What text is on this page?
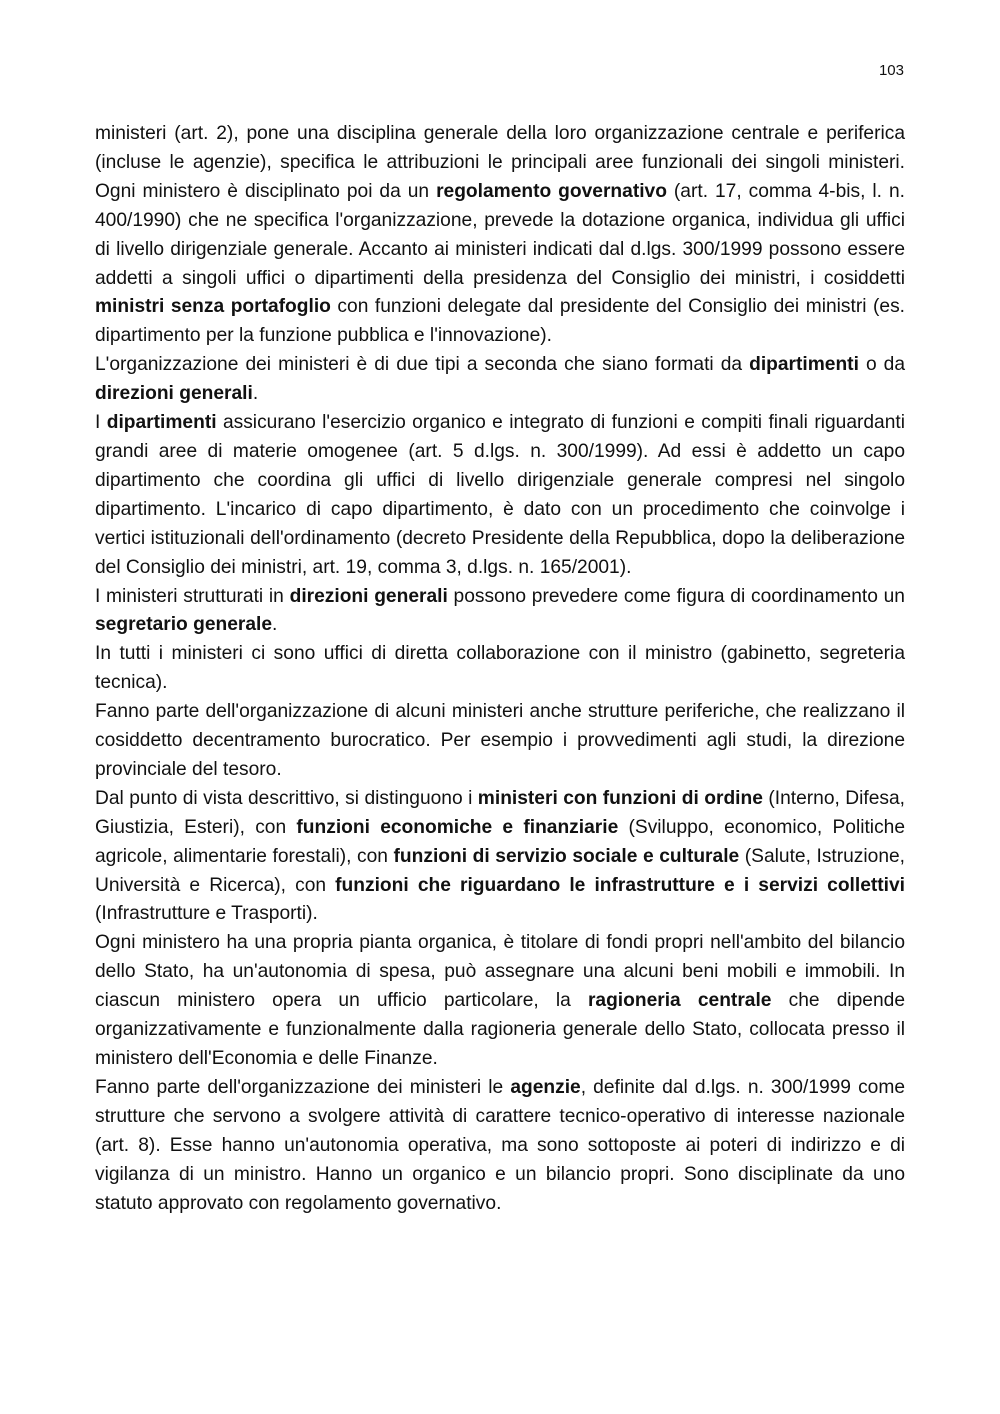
103

ministeri (art. 2), pone una disciplina generale della loro organizzazione centrale e periferica (incluse le agenzie), specifica le attribuzioni le principali aree funzionali dei singoli ministeri. Ogni ministero è disciplinato poi da un regolamento governativo (art. 17, comma 4-bis, l. n. 400/1990) che ne specifica l'organizzazione, prevede la dotazione organica, individua gli uffici di livello dirigenziale generale. Accanto ai ministeri indicati dal d.lgs. 300/1999 possono essere addetti a singoli uffici o dipartimenti della presidenza del Consiglio dei ministri, i cosiddetti ministri senza portafoglio con funzioni delegate dal presidente del Consiglio dei ministri (es. dipartimento per la funzione pubblica e l'innovazione).

L'organizzazione dei ministeri è di due tipi a seconda che siano formati da dipartimenti o da direzioni generali.

I dipartimenti assicurano l'esercizio organico e integrato di funzioni e compiti finali riguardanti grandi aree di materie omogenee (art. 5 d.lgs. n. 300/1999). Ad essi è addetto un capo dipartimento che coordina gli uffici di livello dirigenziale generale compresi nel singolo dipartimento. L'incarico di capo dipartimento, è dato con un procedimento che coinvolge i vertici istituzionali dell'ordinamento (decreto Presidente della Repubblica, dopo la deliberazione del Consiglio dei ministri, art. 19, comma 3, d.lgs. n. 165/2001).

I ministeri strutturati in direzioni generali possono prevedere come figura di coordinamento un segretario generale.

In tutti i ministeri ci sono uffici di diretta collaborazione con il ministro (gabinetto, segreteria tecnica).

Fanno parte dell'organizzazione di alcuni ministeri anche strutture periferiche, che realizzano il cosiddetto decentramento burocratico. Per esempio i provvedimenti agli studi, la direzione provinciale del tesoro.

Dal punto di vista descrittivo, si distinguono i ministeri con funzioni di ordine (Interno, Difesa, Giustizia, Esteri), con funzioni economiche e finanziarie (Sviluppo, economico, Politiche agricole, alimentarie forestali), con funzioni di servizio sociale e culturale (Salute, Istruzione, Università e Ricerca), con funzioni che riguardano le infrastrutture e i servizi collettivi (Infrastrutture e Trasporti).

Ogni ministero ha una propria pianta organica, è titolare di fondi propri nell'ambito del bilancio dello Stato, ha un'autonomia di spesa, può assegnare una alcuni beni mobili e immobili. In ciascun ministero opera un ufficio particolare, la ragioneria centrale che dipende organizzativamente e funzionalmente dalla ragioneria generale dello Stato, collocata presso il ministero dell'Economia e delle Finanze.

Fanno parte dell'organizzazione dei ministeri le agenzie, definite dal d.lgs. n. 300/1999 come strutture che servono a svolgere attività di carattere tecnico-operativo di interesse nazionale (art. 8). Esse hanno un'autonomia operativa, ma sono sottoposte ai poteri di indirizzo e di vigilanza di un ministro. Hanno un organico e un bilancio propri. Sono disciplinate da uno statuto approvato con regolamento governativo.
